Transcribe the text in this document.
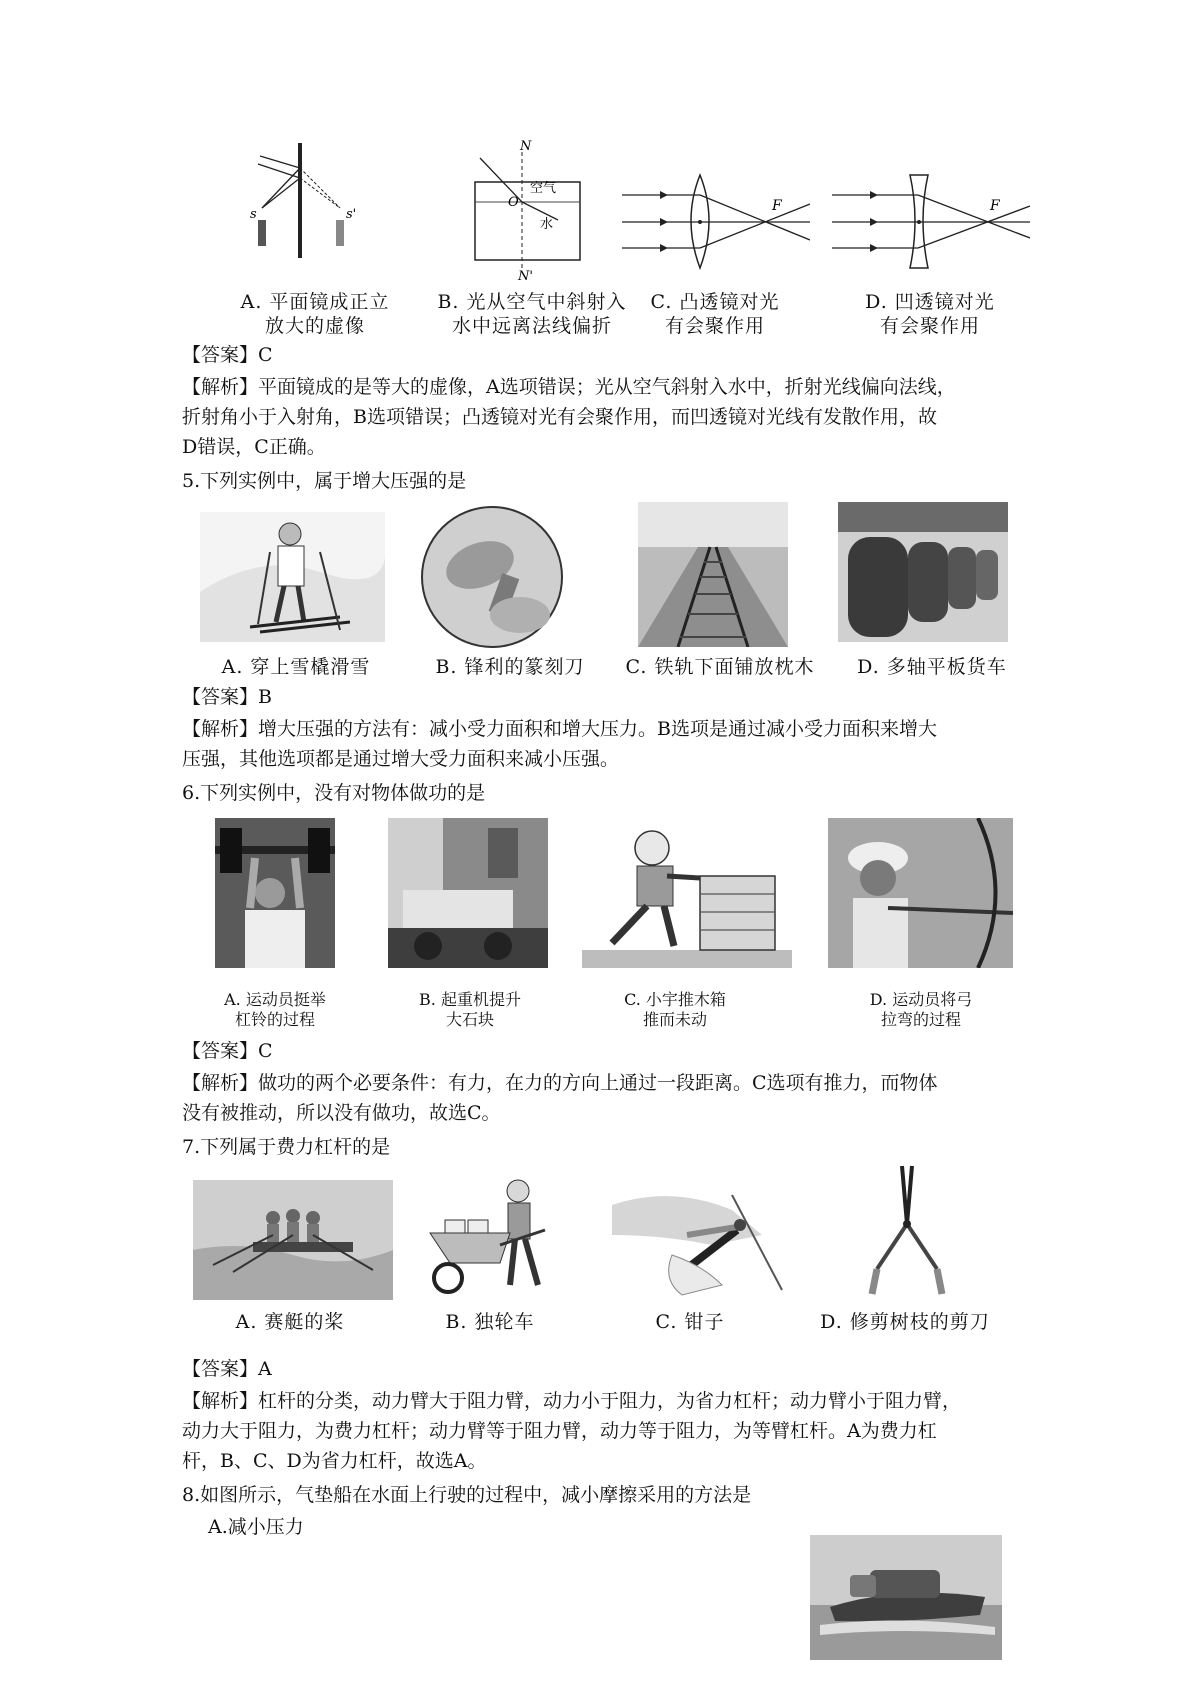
s	s'
N
N'
O
空气
水
F	F
A. 平面镜成正立
放大的虚像
B. 光从空气中斜射入
水中远离法线偏折
C. 凸透镜对光
有会聚作用
D. 凹透镜对光
有会聚作用
【答案】C
【解析】平面镜成的是等大的虚像，A选项错误；光从空气斜射入水中，折射光线偏向法线，
折射角小于入射角，B选项错误；凸透镜对光有会聚作用，而凹透镜对光线有发散作用，故
D错误，C正确。
5.下列实例中，属于增大压强的是
A. 穿上雪橇滑雪	B. 锋利的篆刻刀	C. 铁轨下面铺放枕木	D. 多轴平板货车
【答案】B
【解析】增大压强的方法有：减小受力面积和增大压力。B选项是通过减小受力面积来增大
压强，其他选项都是通过增大受力面积来减小压强。
6.下列实例中，没有对物体做功的是
A. 运动员挺举
杠铃的过程
B. 起重机提升
大石块
C. 小宇推木箱
推而未动
D. 运动员将弓
拉弯的过程
【答案】C
【解析】做功的两个必要条件：有力，在力的方向上通过一段距离。C选项有推力，而物体
没有被推动，所以没有做功，故选C。
7.下列属于费力杠杆的是
A. 赛艇的桨	B. 独轮车	C. 钳子	D. 修剪树枝的剪刀
【答案】A
【解析】杠杆的分类，动力臂大于阻力臂，动力小于阻力，为省力杠杆；动力臂小于阻力臂，
动力大于阻力，为费力杠杆；动力臂等于阻力臂，动力等于阻力，为等臂杠杆。A为费力杠
杆，B、C、D为省力杠杆，故选A。
8.如图所示，气垫船在水面上行驶的过程中，减小摩擦采用的方法是
A.减小压力
